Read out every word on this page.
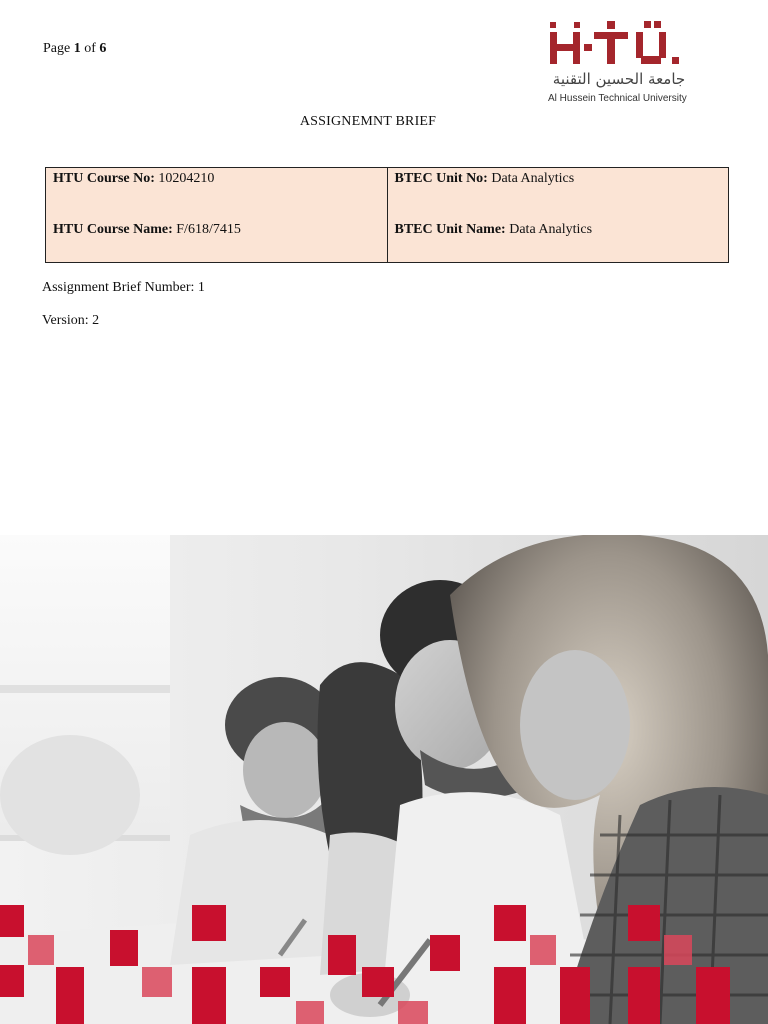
Page 1 of 6
جامعة الحسين التقنية
Al Hussein Technical University
ASSIGNEMNT BRIEF
HTU Course No: 10204210
HTU Course Name: F/618/7415

BTEC Unit No: Data Analytics
BTEC Unit Name: Data Analytics
Assignment Brief Number: 1
Version: 2
